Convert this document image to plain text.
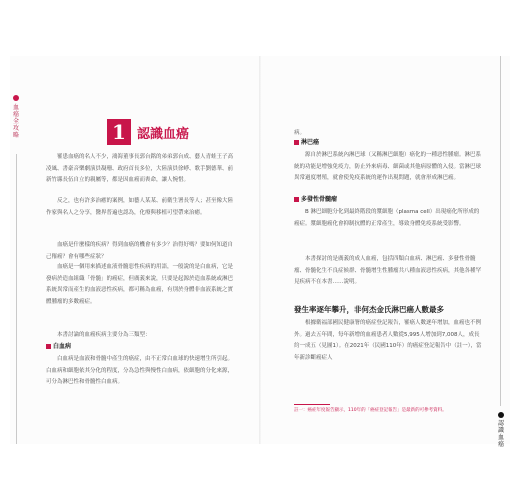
血癌全攻略
認識血癌
1 認識血癌
罹患血癌的名人不少，鴻海董事長郭台銘的弟弟郭台成、藝人青蛙王子高凌風、書豪音樂劇演員凝珊、政府首長多位，大陸演員徐崢、歌手劉德華、前新竹縣長伍自立的親屬等，都是因血癌而喪命，讓人惋惜。
反之，也有許多治癒的案例，如藝人某某、前衛生署長等人；甚至像大陸作家與名人之分享，醫界普遍也認為，化療與移植可望帶來治癒。
血癌是什麼樣的疾病？得到血癌的機會有多少？治得好嗎？要如何知道自己罹癌？會有哪些症狀？
血癌是一個用來描述血液骨髓惡性疾病的用語，一般說的是白血病，它是發病於造血組織「骨髓」的癌症，但廣義來說，只要是起源於造血系統或淋巴系統異常而產生的血液惡性疾病，都可稱為血癌，有別於身體非血液系統之實體腫瘤的多數癌症。
本書討論的血癌疾病主要分為三類型：
白血病
白血病是血液和骨髓中產生的癌症，由不正常白血球的快速增生所引起。白血病和細胞依其分化的程度，分為急性與慢性白血病，依細胞的分化來源，可分為淋巴性和骨髓性白血病。
病。
淋巴癌
源自於淋巴系統內淋巴球（又稱淋巴細胞）癌化的一種惡性腫瘤。淋巴系統的功能是增強免疫力，防止外來病毒、細菌或其他病原體的入侵。當淋巴球異常過度增殖，就會使免疫系統的運作出現問題，就會形成淋巴癌。
多發性骨髓瘤
B 淋巴細胞分化到最終階段的漿細胞（plasma cell）出現癌化所形成的癌症。漿細胞癌化會抑制抗體的正常產生，導致身體免疫系統受影響。
本書探討的是廣義的成人血癌，包括四類白血病、淋巴癌、多發性骨髓瘤、骨髓化生不良症候群、骨髓增生性腫瘤共八種血液惡性疾病，其他各種罕見疾病不在本書……說明。
發生率逐年攀升，非何杰金氏淋巴癌人數最多
根據衛福部國民健康署的癌症登記報告，罹癌人數逐年增加，血癌也不例外。過去五年間，每年新增的血癌患者人數從5,995人增加到7,008人，成長約一成五（見圖1）。在2021年（民國110年）的癌症登記報告中（註一），當年新診斷癌症人
註一：癌症年度報告顯示，110年的「癌症登記報告」是最新的可參考資料。
